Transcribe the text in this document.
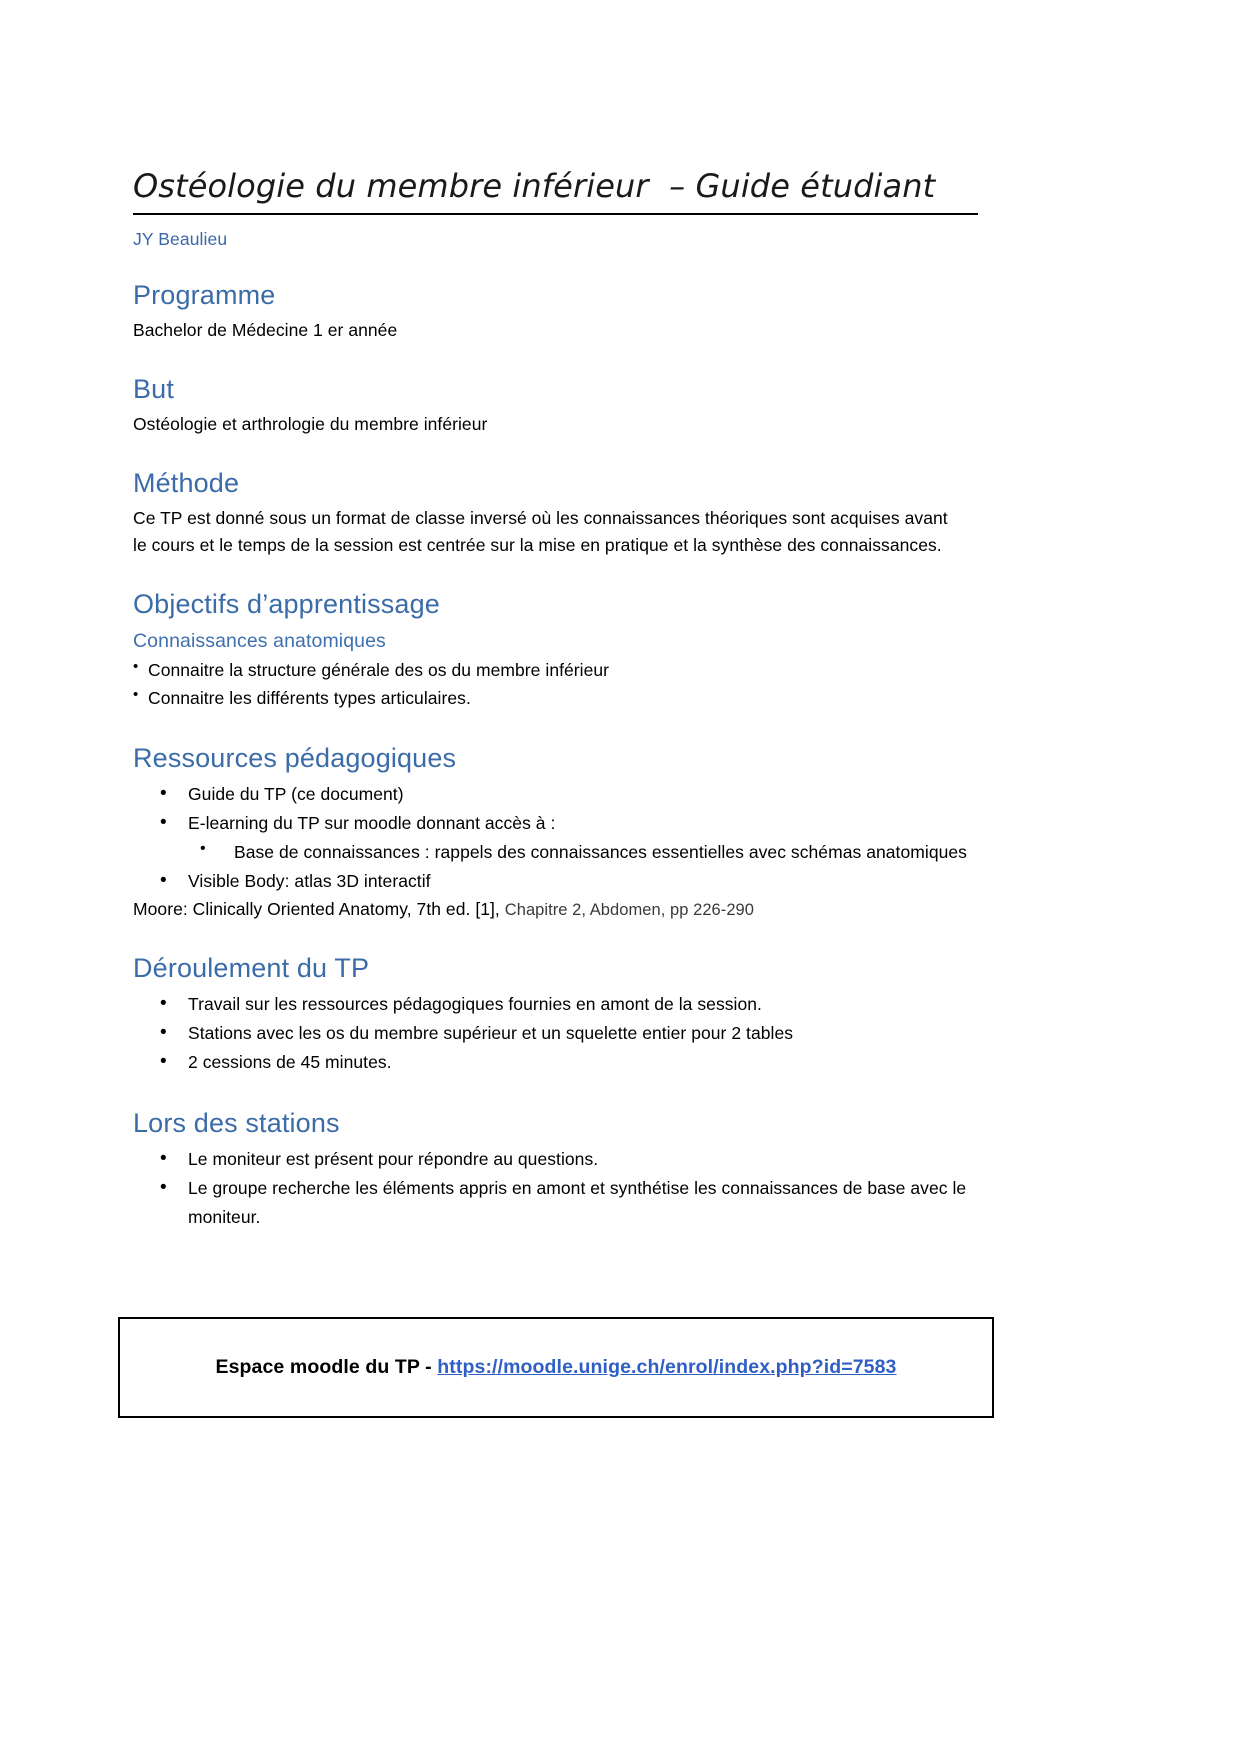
Ostéologie du membre inférieur  – Guide étudiant

JY Beaulieu

Programme

Bachelor de Médecine 1 er année

But

Ostéologie et arthrologie du membre inférieur

Méthode

Ce TP est donné sous un format de classe inversé où les connaissances théoriques sont acquises avant le cours et le temps de la session est centrée sur la mise en pratique et la synthèse des connaissances.

Objectifs d’apprentissage
Connaissances anatomiques
• Connaitre la structure générale des os du membre inférieur
• Connaitre les différents types articulaires.
Ressources pédagogiques
• Guide du TP (ce document)
• E-learning du TP sur moodle donnant accès à :
• Base de connaissances : rappels des connaissances essentielles avec schémas anatomiques
• Visible Body: atlas 3D interactif

Moore: Clinically Oriented Anatomy, 7th ed. [1], Chapitre 2, Abdomen, pp 226-290

Déroulement du TP
• Travail sur les ressources pédagogiques fournies en amont de la session.
• Stations avec les os du membre supérieur et un squelette entier pour 2 tables
• 2 cessions de 45 minutes.
Lors des stations
• Le moniteur est présent pour répondre au questions.
• Le groupe recherche les éléments appris en amont et synthétise les connaissances de base avec le moniteur.
Espace moodle du TP - https://moodle.unige.ch/enrol/index.php?id=7583
